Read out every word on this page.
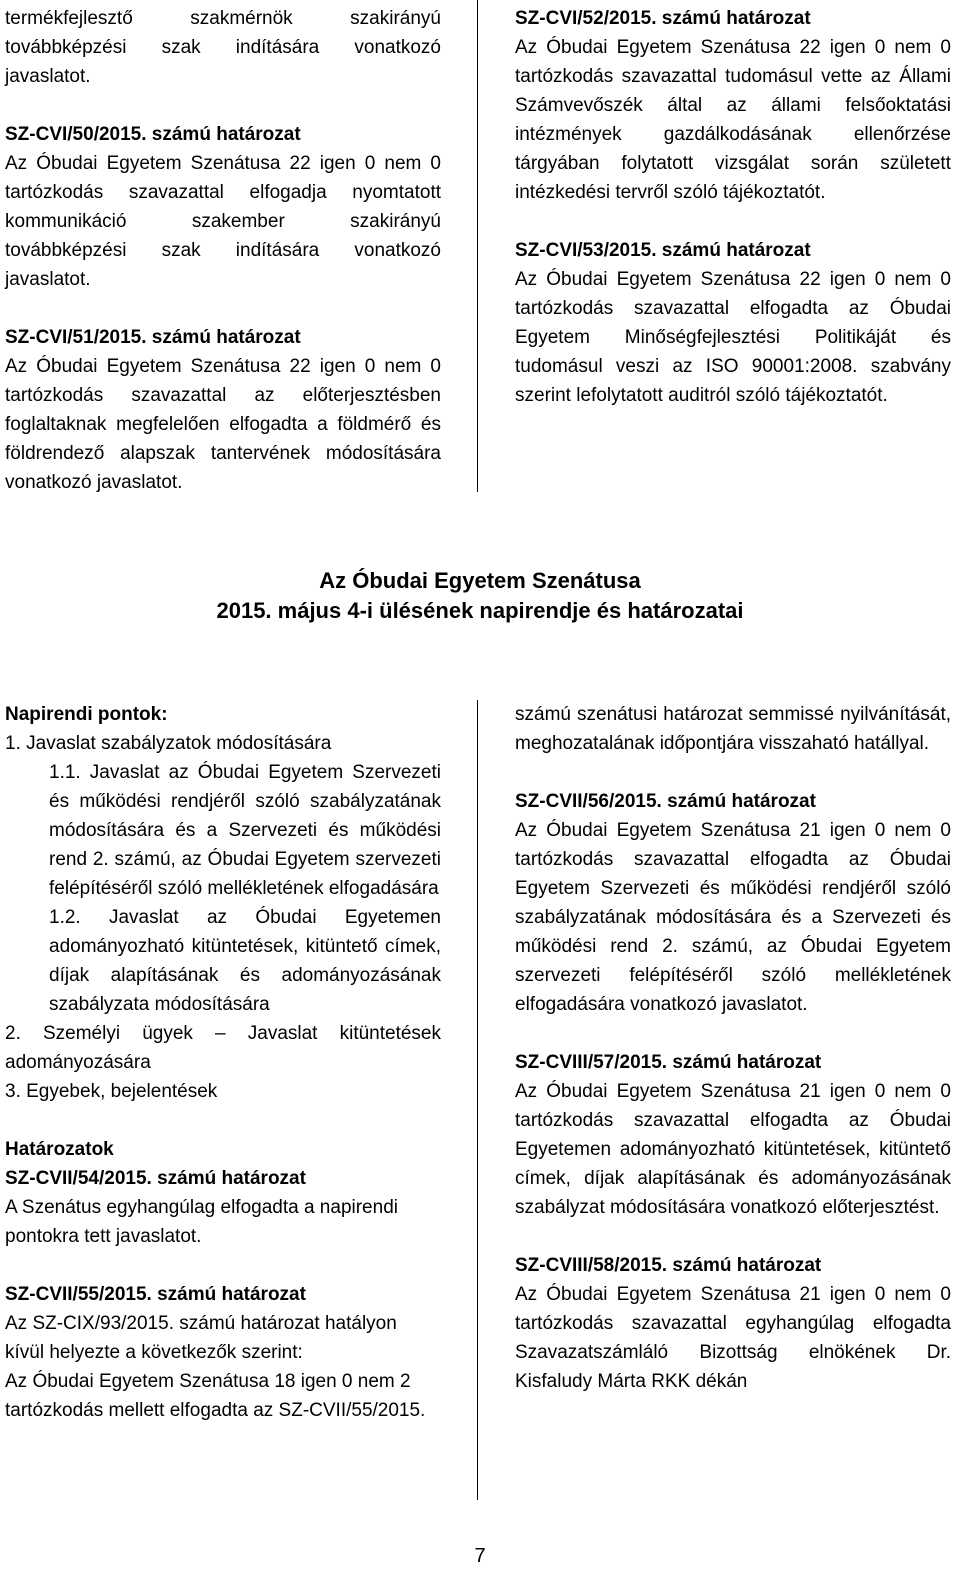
termékfejlesztő szakmérnök szakirányú továbbképzési szak indítására vonatkozó javaslatot.
SZ-CVI/50/2015. számú határozat
Az Óbudai Egyetem Szenátusa 22 igen 0 nem 0 tartózkodás szavazattal elfogadja nyomtatott kommunikáció szakember szakirányú továbbképzési szak indítására vonatkozó javaslatot.
SZ-CVI/51/2015. számú határozat
Az Óbudai Egyetem Szenátusa 22 igen 0 nem 0 tartózkodás szavazattal az előterjesztésben foglaltaknak megfelelően elfogadta a földmérő és földrendező alapszak tantervének módosítására vonatkozó javaslatot.
SZ-CVI/52/2015. számú határozat
Az Óbudai Egyetem Szenátusa 22 igen 0 nem 0 tartózkodás szavazattal tudomásul vette az Állami Számvevőszék által az állami felsőoktatási intézmények gazdálkodásának ellenőrzése tárgyában folytatott vizsgálat során született intézkedési tervről szóló tájékoztatót.
SZ-CVI/53/2015. számú határozat
Az Óbudai Egyetem Szenátusa 22 igen 0 nem 0 tartózkodás szavazattal elfogadta az Óbudai Egyetem Minőségfejlesztési Politikáját és tudomásul veszi az ISO 90001:2008. szabvány szerint lefolytatott auditról szóló tájékoztatót.
Az Óbudai Egyetem Szenátusa
2015. május 4-i ülésének napirendje és határozatai
Napirendi pontok:
1. Javaslat szabályzatok módosítására
1.1. Javaslat az Óbudai Egyetem Szervezeti és működési rendjéről szóló szabályzatának módosítására és a Szervezeti és működési rend 2. számú, az Óbudai Egyetem szervezeti felépítéséről szóló mellékletének elfogadására
1.2. Javaslat az Óbudai Egyetemen adományozható kitüntetések, kitüntető címek, díjak alapításának és adományozásának szabályzata módosítására
2. Személyi ügyek – Javaslat kitüntetések adományozására
3. Egyebek, bejelentések
Határozatok
SZ-CVII/54/2015. számú határozat
A Szenátus egyhangúlag elfogadta a napirendi pontokra tett javaslatot.
SZ-CVII/55/2015. számú határozat
Az SZ-CIX/93/2015. számú határozat hatályon kívül helyezte a következők szerint:
Az Óbudai Egyetem Szenátusa 18 igen 0 nem 2 tartózkodás mellett elfogadta az SZ-CVII/55/2015.
számú szenátusi határozat semmissé nyilvánítását, meghozatalának időpontjára visszaható hatállyal.
SZ-CVII/56/2015. számú határozat
Az Óbudai Egyetem Szenátusa 21 igen 0 nem 0 tartózkodás szavazattal elfogadta az Óbudai Egyetem Szervezeti és működési rendjéről szóló szabályzatának módosítására és a Szervezeti és működési rend 2. számú, az Óbudai Egyetem szervezeti felépítéséről szóló mellékletének elfogadására vonatkozó javaslatot.
SZ-CVIII/57/2015. számú határozat
Az Óbudai Egyetem Szenátusa 21 igen 0 nem 0 tartózkodás szavazattal elfogadta az Óbudai Egyetemen adományozható kitüntetések, kitüntető címek, díjak alapításának és adományozásának szabályzat módosítására vonatkozó előterjesztést.
SZ-CVIII/58/2015. számú határozat
Az Óbudai Egyetem Szenátusa 21 igen 0 nem 0 tartózkodás szavazattal egyhangúlag elfogadta Szavazatszámláló Bizottság elnökének Dr. Kisfaludy Márta RKK dékán
7
